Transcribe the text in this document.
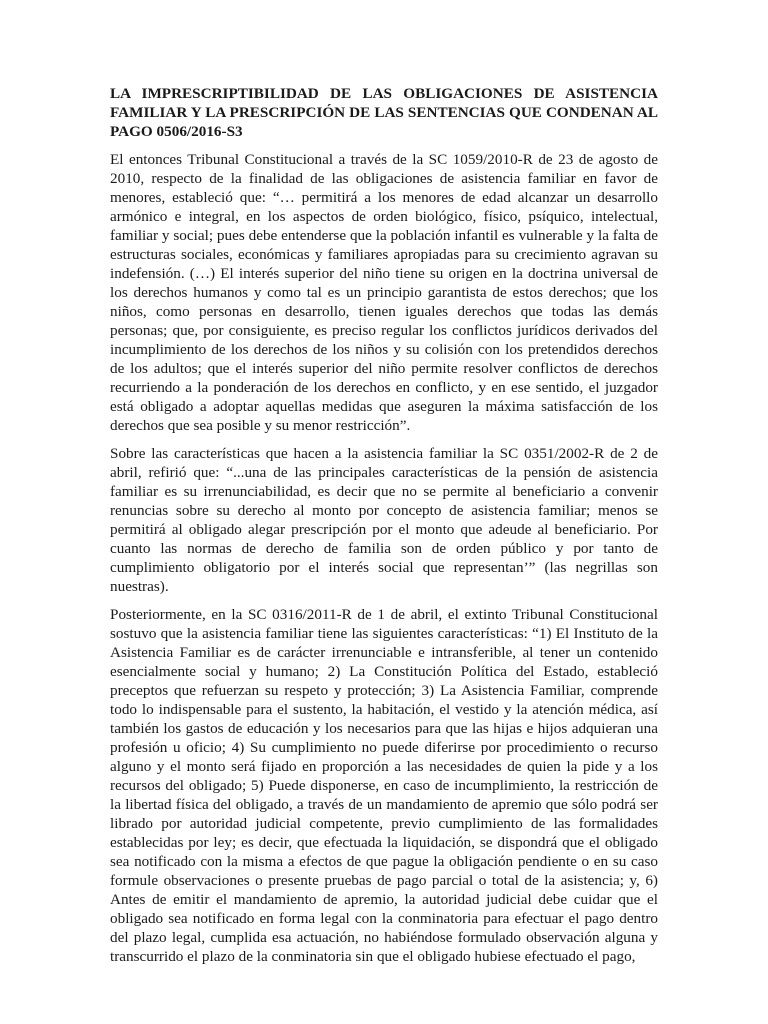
LA IMPRESCRIPTIBILIDAD DE LAS OBLIGACIONES DE ASISTENCIA FAMILIAR Y LA PRESCRIPCIÓN DE LAS SENTENCIAS QUE CONDENAN AL PAGO 0506/2016-S3

El entonces Tribunal Constitucional a través de la SC 1059/2010-R de 23 de agosto de 2010, respecto de la finalidad de las obligaciones de asistencia familiar en favor de menores, estableció que: “… permitirá a los menores de edad alcanzar un desarrollo armónico e integral, en los aspectos de orden biológico, físico, psíquico, intelectual, familiar y social; pues debe entenderse que la población infantil es vulnerable y la falta de estructuras sociales, económicas y familiares apropiadas para su crecimiento agravan su indefensión. (…) El interés superior del niño tiene su origen en la doctrina universal de los derechos humanos y como tal es un principio garantista de estos derechos; que los niños, como personas en desarrollo, tienen iguales derechos que todas las demás personas; que, por consiguiente, es preciso regular los conflictos jurídicos derivados del incumplimiento de los derechos de los niños y su colisión con los pretendidos derechos de los adultos; que el interés superior del niño permite resolver conflictos de derechos recurriendo a la ponderación de los derechos en conflicto, y en ese sentido, el juzgador está obligado a adoptar aquellas medidas que aseguren la máxima satisfacción de los derechos que sea posible y su menor restricción”.

Sobre las características que hacen a la asistencia familiar la SC 0351/2002-R de 2 de abril, refirió que: “...una de las principales características de la pensión de asistencia familiar es su irrenunciabilidad, es decir que no se permite al beneficiario a convenir renuncias sobre su derecho al monto por concepto de asistencia familiar; menos se permitirá al obligado alegar prescripción por el monto que adeude al beneficiario. Por cuanto las normas de derecho de familia son de orden público y por tanto de cumplimiento obligatorio por el interés social que representan’” (las negrillas son nuestras).

Posteriormente, en la SC 0316/2011-R de 1 de abril, el extinto Tribunal Constitucional sostuvo que la asistencia familiar tiene las siguientes características: “1) El Instituto de la Asistencia Familiar es de carácter irrenunciable e intransferible, al tener un contenido esencialmente social y humano; 2) La Constitución Política del Estado, estableció preceptos que refuerzan su respeto y protección; 3) La Asistencia Familiar, comprende todo lo indispensable para el sustento, la habitación, el vestido y la atención médica, así también los gastos de educación y los necesarios para que las hijas e hijos adquieran una profesión u oficio; 4) Su cumplimiento no puede diferirse por procedimiento o recurso alguno y el monto será fijado en proporción a las necesidades de quien la pide y a los recursos del obligado; 5) Puede disponerse, en caso de incumplimiento, la restricción de la libertad física del obligado, a través de un mandamiento de apremio que sólo podrá ser librado por autoridad judicial competente, previo cumplimiento de las formalidades establecidas por ley; es decir, que efectuada la liquidación, se dispondrá que el obligado sea notificado con la misma a efectos de que pague la obligación pendiente o en su caso formule observaciones o presente pruebas de pago parcial o total de la asistencia; y, 6) Antes de emitir el mandamiento de apremio, la autoridad judicial debe cuidar que el obligado sea notificado en forma legal con la conminatoria para efectuar el pago dentro del plazo legal, cumplida esa actuación, no habiéndose formulado observación alguna y transcurrido el plazo de la conminatoria sin que el obligado hubiese efectuado el pago,
